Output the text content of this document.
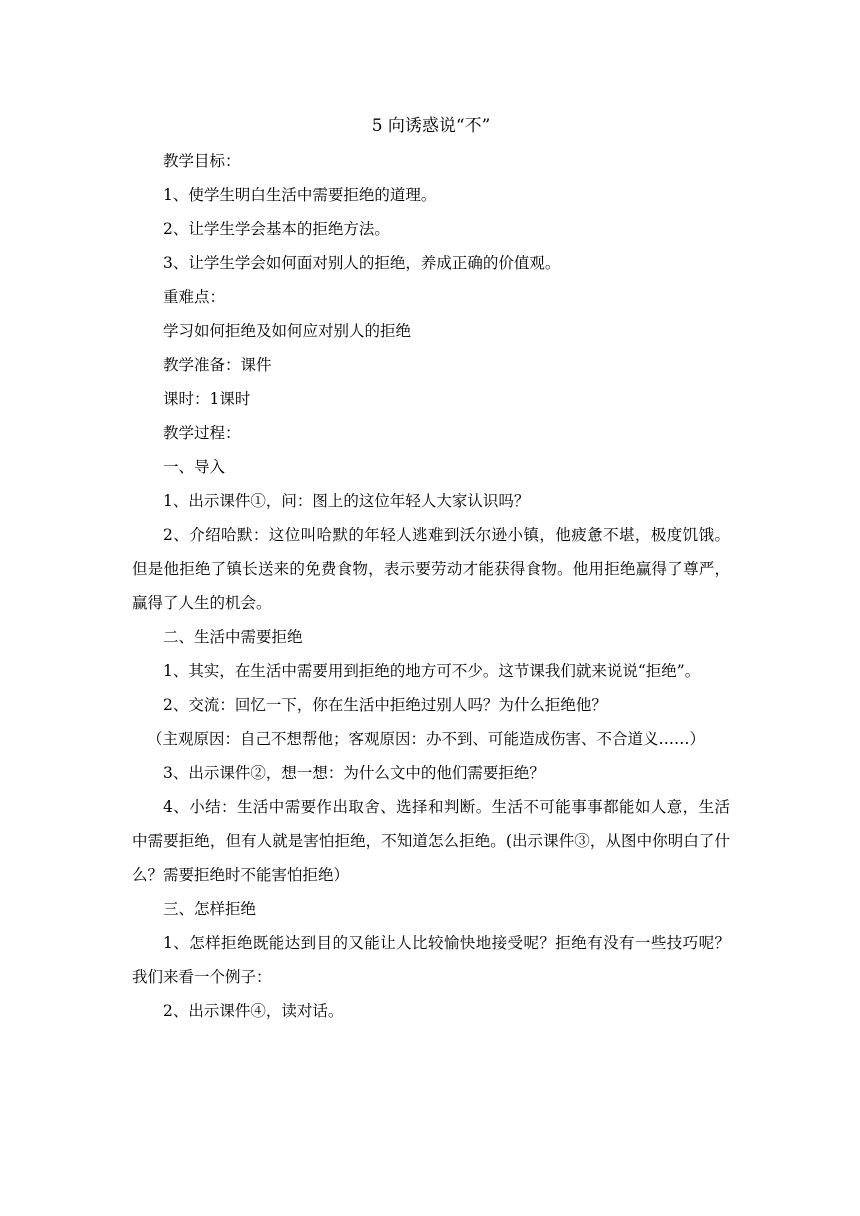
5 向诱惑说“不”

教学目标：

1、使学生明白生活中需要拒绝的道理。

2、让学生学会基本的拒绝方法。

3、让学生学会如何面对别人的拒绝，养成正确的价值观。

重难点：

学习如何拒绝及如何应对别人的拒绝

教学准备：课件

课时：1课时

教学过程：

一、导入

1、出示课件①，问：图上的这位年轻人大家认识吗？

2、介绍哈默：这位叫哈默的年轻人逃难到沃尔逊小镇，他疲惫不堪，极度饥饿。但是他拒绝了镇长送来的免费食物，表示要劳动才能获得食物。他用拒绝赢得了尊严，赢得了人生的机会。

二、生活中需要拒绝

1、其实，在生活中需要用到拒绝的地方可不少。这节课我们就来说说“拒绝”。

2、交流：回忆一下，你在生活中拒绝过别人吗？为什么拒绝他？

（主观原因：自己不想帮他；客观原因：办不到、可能造成伤害、不合道义……）

3、出示课件②，想一想：为什么文中的他们需要拒绝？

4、小结：生活中需要作出取舍、选择和判断。生活不可能事事都能如人意，生活中需要拒绝，但有人就是害怕拒绝，不知道怎么拒绝。(出示课件③，从图中你明白了什么？需要拒绝时不能害怕拒绝）

三、怎样拒绝

1、怎样拒绝既能达到目的又能让人比较愉快地接受呢？拒绝有没有一些技巧呢？我们来看一个例子：

2、出示课件④，读对话。
